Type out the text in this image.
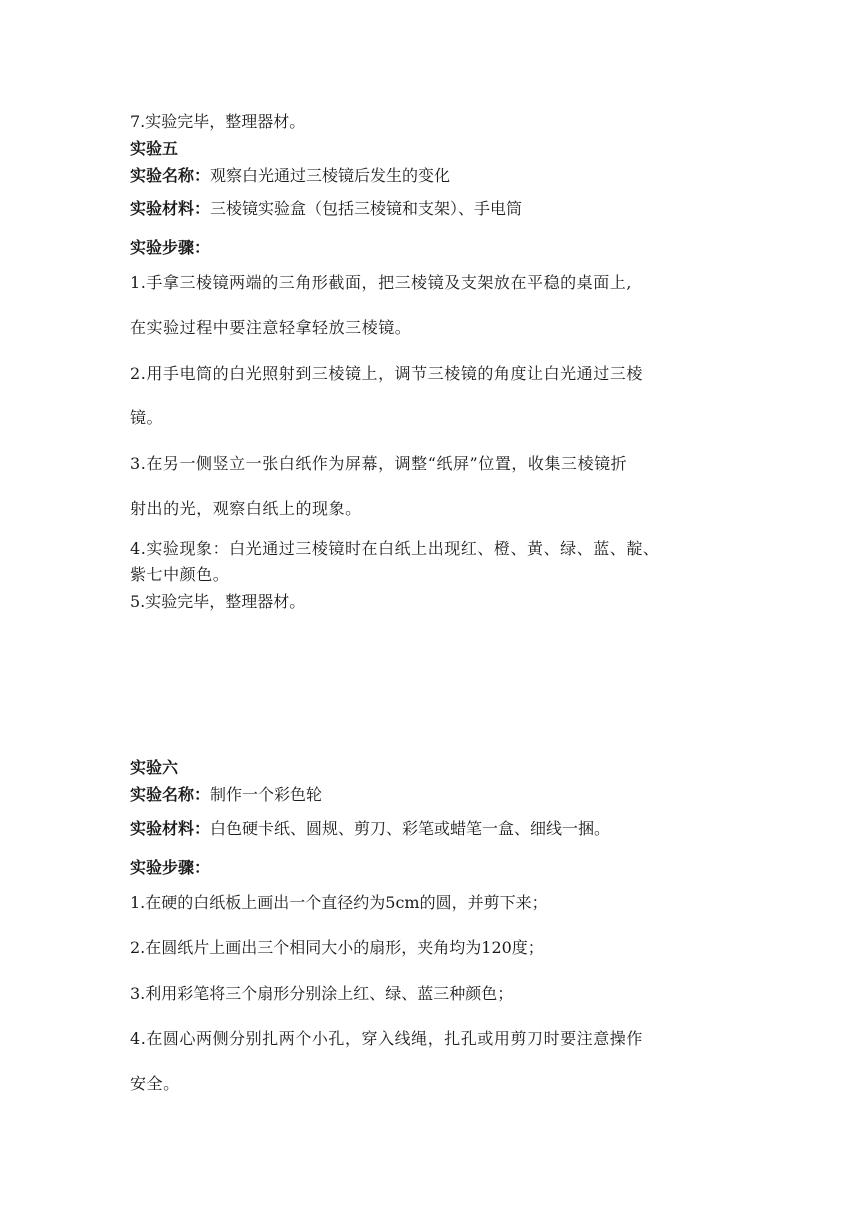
7.实验完毕，整理器材。
实验五
实验名称：观察白光通过三棱镜后发生的变化
实验材料：三棱镜实验盒（包括三棱镜和支架）、手电筒
实验步骤：
1.手拿三棱镜两端的三角形截面，把三棱镜及支架放在平稳的桌面上,
在实验过程中要注意轻拿轻放三棱镜。
2.用手电筒的白光照射到三棱镜上，调节三棱镜的角度让白光通过三棱
镜。
3.在另一侧竖立一张白纸作为屏幕，调整“纸屏”位置，收集三棱镜折
射出的光，观察白纸上的现象。
4.实验现象：白光通过三棱镜时在白纸上出现红、橙、黄、绿、蓝、靛、
紫七中颜色。
5.实验完毕，整理器材。
实验六
实验名称：制作一个彩色轮
实验材料：白色硬卡纸、圆规、剪刀、彩笔或蜡笔一盒、细线一捆。
实验步骤：
1.在硬的白纸板上画出一个直径约为5cm的圆，并剪下来；
2.在圆纸片上画出三个相同大小的扇形，夹角均为120度；
3.利用彩笔将三个扇形分别涂上红、绿、蓝三种颜色；
4.在圆心两侧分别扎两个小孔，穿入线绳，扎孔或用剪刀时要注意操作
安全。
